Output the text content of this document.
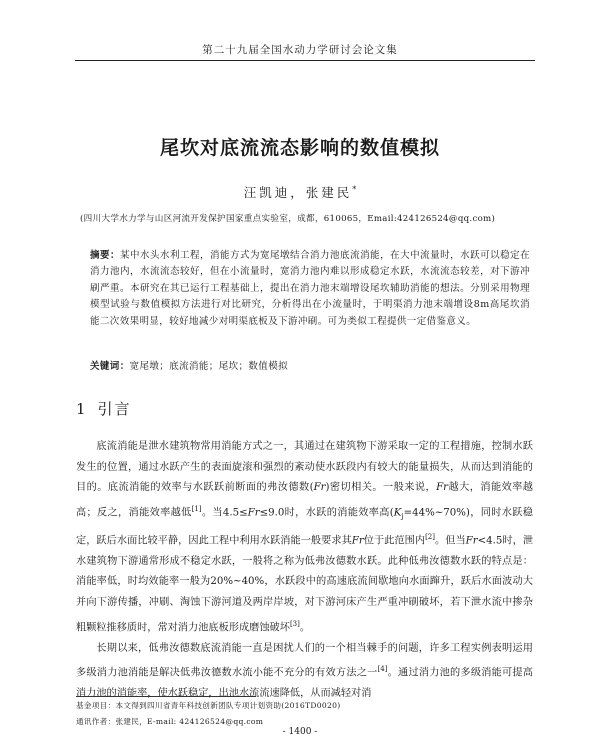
第二十九届全国水动力学研讨会论文集
尾坎对底流流态影响的数值模拟
汪凯迪，张建民*
(四川大学水力学与山区河流开发保护国家重点实验室，成都，610065，Email:424126524@qq.com)
摘要：某中水头水利工程，消能方式为宽尾墩结合消力池底流消能，在大中流量时，水跃可以稳定在消力池内，水流流态较好，但在小流量时，宽消力池内难以形成稳定水跃，水流流态较差，对下游冲刷严重。本研究在其已运行工程基础上，提出在消力池末端增设尾坎辅助消能的想法。分别采用物理模型试验与数值模拟方法进行对比研究，分析得出在小流量时，于明渠消力池末端增设8m高尾坎消能二次效果明显，较好地减少对明渠底板及下游冲刷。可为类似工程提供一定借鉴意义。
关键词：宽尾墩；底流消能；尾坎；数值模拟
1 引言

底流消能是泄水建筑物常用消能方式之一，其通过在建筑物下游采取一定的工程措施，控制水跃发生的位置，通过水跃产生的表面旋滚和强烈的紊动使水跃段内有较大的能量损失，从而达到消能的目的。底流消能的效率与水跃跃前断面的弗汝德数(Fr)密切相关。一般来说，Fr越大，消能效率越高；反之，消能效率越低[1]。当4.5≤Fr≤9.0时，水跃的消能效率高$(K_j=44\%\sim 70\%)$，同时水跃稳定，跃后水面比较平静，因此工程中利用水跃消能一般要求其Fr位于此范围内[2]。但当Fr<4.5时，泄水建筑物下游通常形成不稳定水跃，一般将之称为低弗汝德数水跃。此种低弗汝德数水跃的特点是：消能率低，时均效能率一般为20%~40%，水跃段中的高速底流间歇地向水面蹿升，跃后水面波动大并向下游传播，冲刷、淘蚀下游河道及两岸岸坡，对下游河床产生严重冲刷破坏，若下泄水流中掺杂粗颗粒推移质时，常对消力池底板形成磨蚀破坏[3]。

长期以来，低弗汝德数底流消能一直是困扰人们的一个相当棘手的问题，许多工程实例表明运用多级消力池消能是解决低弗汝德数水流小能不充分的有效方法之一[4]。通过消力池的多级消能可提高消力池的消能率，使水跃稳定，出池水流流速降低，从而减轻对消

基金项目：本文得到四川省青年科技创新团队专项计划资助(2016TD0020)
通讯作者：张建民，E-mail: 424126524@qq.com
- 1400 -
